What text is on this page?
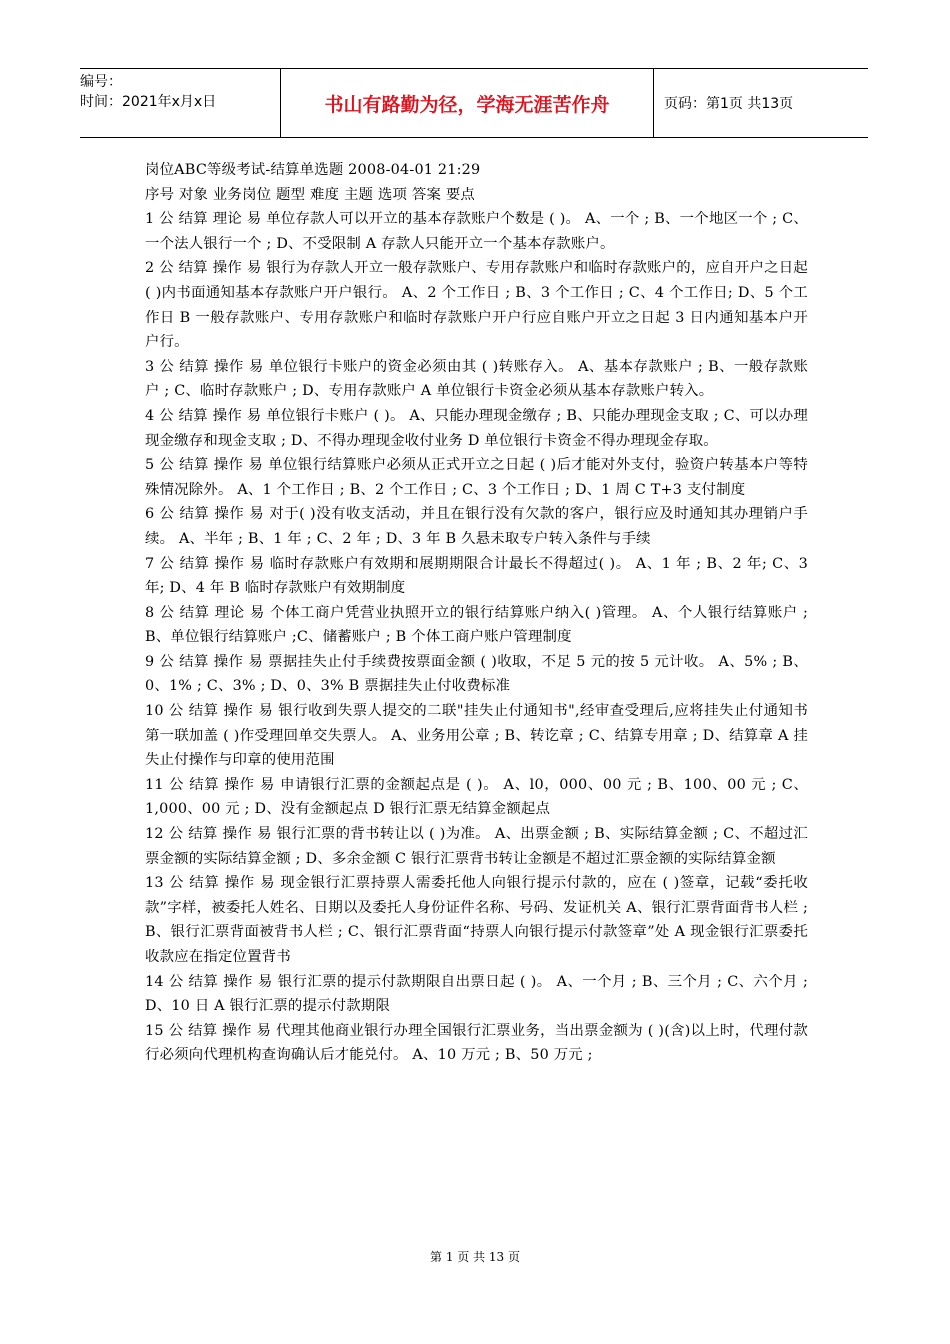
编号：
时间：2021年x月x日	书山有路勤为径，学海无涯苦作舟	页码：第1页 共13页

岗位ABC等级考试-结算单选题 2008-04-01 21:29

序号 对象 业务岗位 题型 难度 主题 选项 答案 要点

1 公 结算 理论 易 单位存款人可以开立的基本存款账户个数是 ( )。 A、一个 ; B、一个地区一个 ; C、一个法人银行一个 ; D、不受限制 A 存款人只能开立一个基本存款账户。

2 公 结算 操作 易 银行为存款人开立一般存款账户、专用存款账户和临时存款账户的，应自开户之日起 ( )内书面通知基本存款账户开户银行。 A、2 个工作日 ; B、3 个工作日 ; C、4 个工作日; D、5 个工作日 B 一般存款账户、专用存款账户和临时存款账户开户行应自账户开立之日起 3 日内通知基本户开户行。

3 公 结算 操作 易 单位银行卡账户的资金必须由其 ( )转账存入。 A、基本存款账户 ; B、一般存款账户 ; C、临时存款账户 ; D、专用存款账户 A 单位银行卡资金必须从基本存款账户转入。

4 公 结算 操作 易 单位银行卡账户 ( )。 A、只能办理现金缴存 ; B、只能办理现金支取 ; C、可以办理现金缴存和现金支取 ; D、不得办理现金收付业务 D 单位银行卡资金不得办理现金存取。

5 公 结算 操作 易 单位银行结算账户必须从正式开立之日起 ( )后才能对外支付，验资户转基本户等特殊情况除外。 A、1 个工作日 ; B、2 个工作日 ; C、3 个工作日 ; D、1 周 C T+3 支付制度

6 公 结算 操作 易 对于( )没有收支活动，并且在银行没有欠款的客户，银行应及时通知其办理销户手续。 A、半年 ; B、1 年 ; C、2 年 ; D、3 年 B 久悬未取专户转入条件与手续

7 公 结算 操作 易 临时存款账户有效期和展期期限合计最长不得超过( )。 A、1 年 ; B、2 年; C、3 年; D、4 年 B 临时存款账户有效期制度

8 公 结算 理论 易 个体工商户凭营业执照开立的银行结算账户纳入( )管理。 A、个人银行结算账户 ; B、单位银行结算账户 ;C、储蓄账户 ; B 个体工商户账户管理制度

9 公 结算 操作 易 票据挂失止付手续费按票面金额 ( )收取，不足 5 元的按 5 元计收。 A、5% ; B、0、1% ; C、3% ; D、0、3% B 票据挂失止付收费标准

10 公 结算 操作 易 银行收到失票人提交的二联"挂失止付通知书",经审查受理后,应将挂失止付通知书第一联加盖 ( )作受理回单交失票人。 A、业务用公章 ; B、转讫章 ; C、结算专用章 ; D、结算章 A 挂失止付操作与印章的使用范围

11 公 结算 操作 易 申请银行汇票的金额起点是 ( )。 A、l0，000、00 元 ; B、100、00 元 ; C、1,000、00 元 ; D、没有金额起点 D 银行汇票无结算金额起点

12 公 结算 操作 易 银行汇票的背书转让以 ( )为准。 A、出票金额 ; B、实际结算金额 ; C、不超过汇票金额的实际结算金额 ; D、多余金额 C 银行汇票背书转让金额是不超过汇票金额的实际结算金额

13 公 结算 操作 易 现金银行汇票持票人需委托他人向银行提示付款的，应在 ( )签章，记载“委托收款”字样，被委托人姓名、日期以及委托人身份证件名称、号码、发证机关 A、银行汇票背面背书人栏 ; B、银行汇票背面被背书人栏 ; C、银行汇票背面“持票人向银行提示付款签章”处 A 现金银行汇票委托收款应在指定位置背书

14 公 结算 操作 易 银行汇票的提示付款期限自出票日起 ( )。 A、一个月 ; B、三个月 ; C、六个月 ; D、10 日 A 银行汇票的提示付款期限

15 公 结算 操作 易 代理其他商业银行办理全国银行汇票业务，当出票金额为 ( )(含)以上时，代理付款行必须向代理机构查询确认后才能兑付。 A、10 万元 ; B、50 万元 ;

第 1 页 共 13 页
